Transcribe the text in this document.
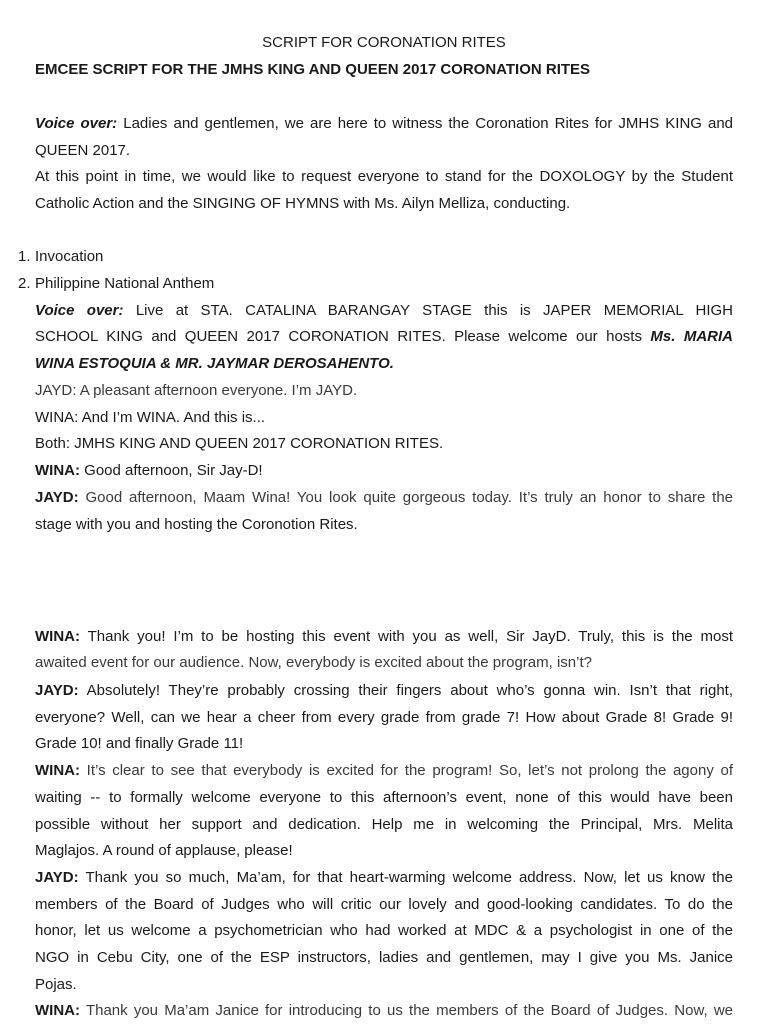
SCRIPT FOR CORONATION RITES
EMCEE SCRIPT FOR THE JMHS KING AND QUEEN 2017 CORONATION RITES
Voice over: Ladies and gentlemen, we are here to witness the Coronation Rites for JMHS KING and
QUEEN 2017.
At this point in time, we would like to request everyone to stand for the DOXOLOGY by the Student
Catholic Action and the SINGING OF HYMNS with Ms. Ailyn Melliza, conducting.
1. Invocation
2. Philippine National Anthem
Voice over: Live at STA. CATALINA BARANGAY STAGE this is JAPER MEMORIAL HIGH
SCHOOL KING and QUEEN 2017 CORONATION RITES. Please welcome our hosts Ms. MARIA
WINA ESTOQUIA & MR. JAYMAR DEROSAHENTO.
JAYD: A pleasant afternoon everyone. I’m JAYD.
WINA: And I’m WINA. And this is...
Both: JMHS KING AND QUEEN 2017 CORONATION RITES.
WINA: Good afternoon, Sir Jay-D!
JAYD: Good afternoon, Maam Wina! You look quite gorgeous today. It’s truly an honor to share the
stage with you and hosting the Coronotion Rites.
WINA: Thank you! I’m to be hosting this event with you as well, Sir JayD. Truly, this is the most
awaited event for our audience. Now, everybody is excited about the program, isn’t?
JAYD: Absolutely! They’re probably crossing their fingers about who’s gonna win. Isn’t that right,
everyone? Well, can we hear a cheer from every grade from grade 7! How about Grade 8! Grade 9!
Grade 10! and finally Grade 11!
WINA: It’s clear to see that everybody is excited for the program! So, let’s not prolong the agony of
waiting -- to formally welcome everyone to this afternoon’s event, none of this would have been
possible without her support and dedication. Help me in welcoming the Principal, Mrs. Melita
Maglajos. A round of applause, please!
JAYD: Thank you so much, Ma’am, for that heart-warming welcome address. Now, let us know the
members of the Board of Judges who will critic our lovely and good-looking candidates. To do the
honor, let us welcome a psychometrician who had worked at MDC & a psychologist in one of the
NGO in Cebu City, one of the ESP instructors, ladies and gentlemen, may I give you Ms. Janice
Pojas.
WINA: Thank you Ma’am Janice for introducing to us the members of the Board of Judges. Now, we
